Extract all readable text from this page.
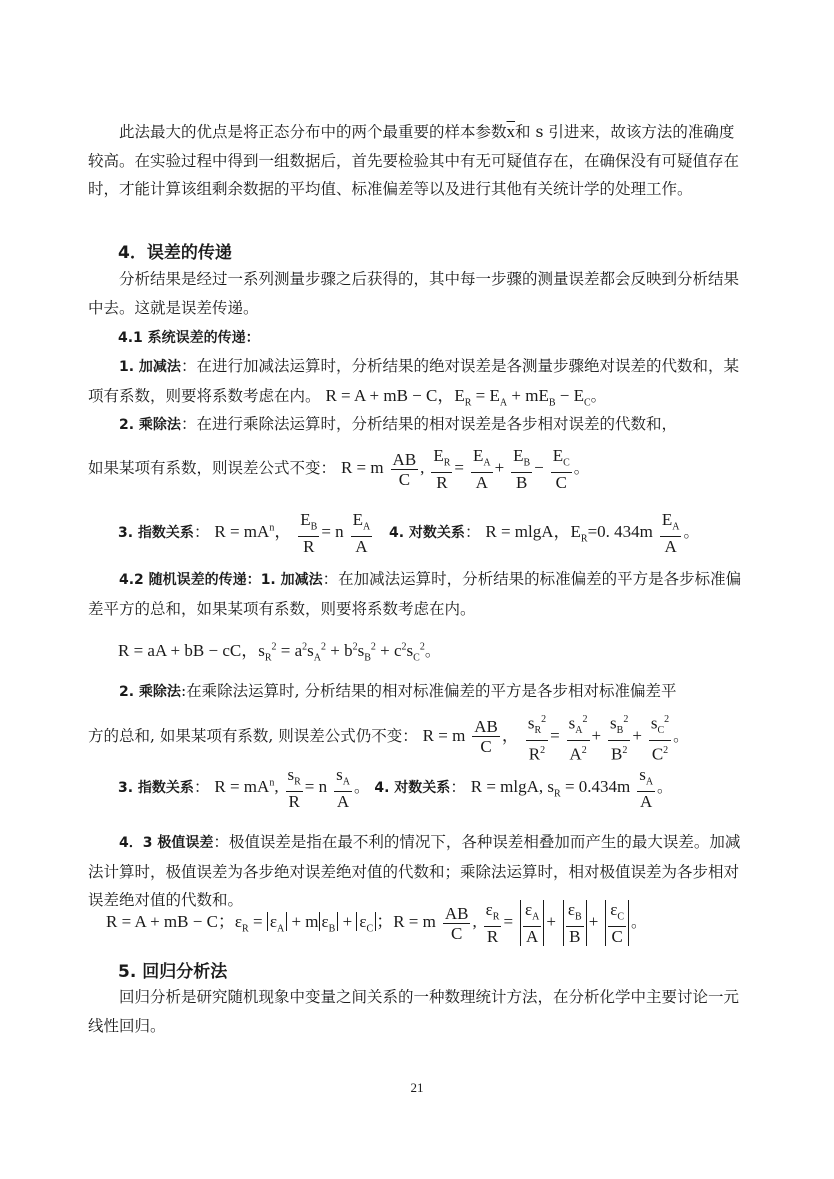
此法最大的优点是将正态分布中的两个最重要的样本参数$\overline{x}$和 s 引进来，故该方法的准确度较高。在实验过程中得到一组数据后，首先要检验其中有无可疑值存在，在确保没有可疑值存在时，才能计算该组剩余数据的平均值、标准偏差等以及进行其他有关统计学的处理工作。
4．误差的传递
分析结果是经过一系列测量步骤之后获得的，其中每一步骤的测量误差都会反映到分析结果中去。这就是误差传递。
4.1 系统误差的传递：
1. 加减法：在进行加减法运算时，分析结果的绝对误差是各测量步骤绝对误差的代数和，某项有系数，则要将系数考虑在内。 R = A + mB − C，$E_R = E_A + mE_B - E_C$。
2. 乘除法：在进行乘除法运算时，分析结果的相对误差是各步相对误差的代数和，
如果某项有系数，则误差公式不变： R = m $\frac{AB}{C}$ , $\frac{E_R}{R} = \frac{E_A}{A} + \frac{E_B}{B} - \frac{E_C}{C}$ 。
3. 指数关系： $R = mA^n$， $\frac{E_B}{R} = n \frac{E_A}{A} 4$. 对数关系： R = mlgA，$E_R=0$. $434m \frac{E_A}{A}$ 。
4.2 随机误差的传递：1. 加减法：在加减法运算时，分析结果的标准偏差的平方是各步标准偏差平方的总和，如果某项有系数，则要将系数考虑在内。
R = aA + bB − cC，$s_R^2 = a^2s_A^2 + b^2s_B^2 + c^2s_C^2$。
2. 乘除法:在乘除法运算时, 分析结果的相对标准偏差的平方是各步相对标准偏差平
方的总和, 如果某项有系数, 则误差公式仍不变： R = m $\frac{AB}{C}$ ， $\frac{s_R^2}{R^2} = \frac{s_A^2}{A^2} + \frac{s_B^2}{B^2} + \frac{s_C^2}{C^2}$ 。
3. 指数关系： $R = mA^n$, $\frac{s_R}{R} = n \frac{s_A}{A}$ 。 4. 对数关系： R = mlgA, $s_R = 0.434m \frac{s_A}{A}$ 。
4．3 极值误差：极值误差是指在最不利的情况下，各种误差相叠加而产生的最大误差。加减法计算时，极值误差为各步绝对误差绝对值的代数和；乘除法运算时，相对极值误差为各步相对误差绝对值的代数和。
R = A + mB − C；$\varepsilon_R = \varepsilon_A + m$ $\varepsilon_B + \varepsilon_C$ ；R = m $\frac{AB}{C}$ , $\frac{\varepsilon_R}{R} = \frac{\varepsilon_A}{A} + \frac{\varepsilon_B}{B} + \frac{\varepsilon_C}{C}$ 。
5. 回归分析法
回归分析是研究随机现象中变量之间关系的一种数理统计方法，在分析化学中主要讨论一元线性回归。
21
